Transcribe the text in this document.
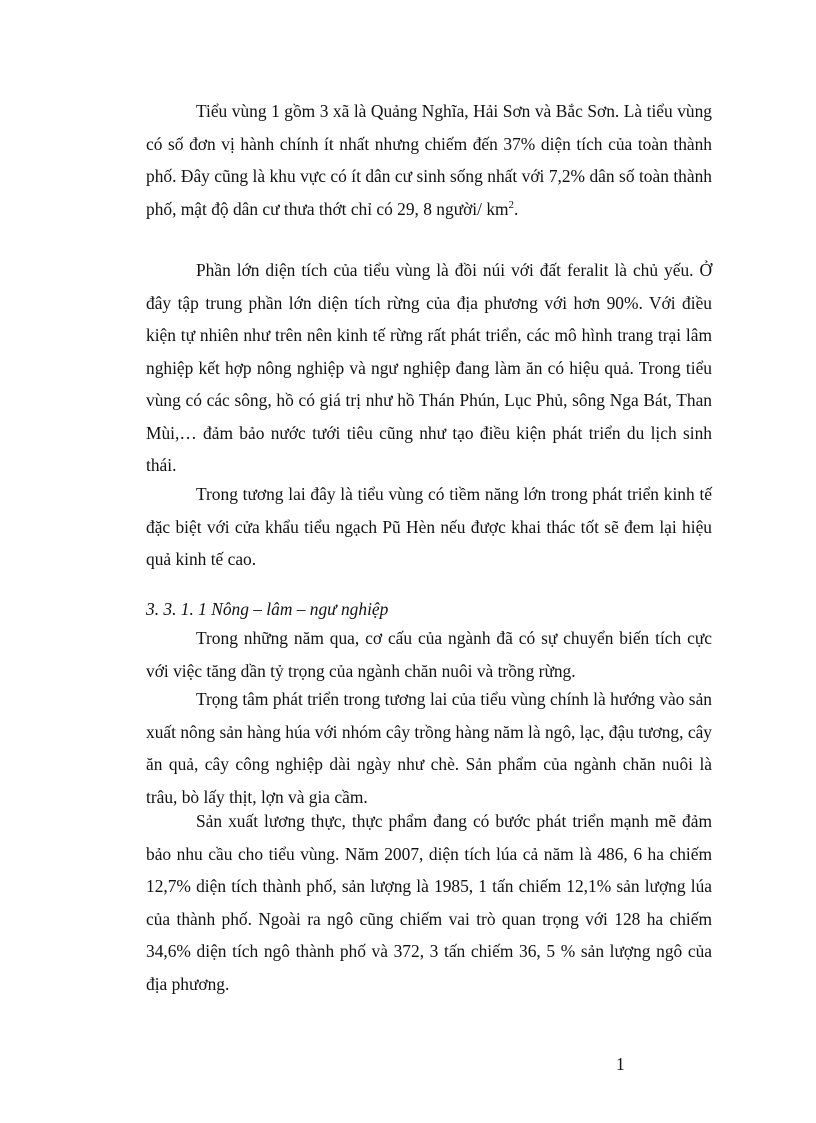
Tiểu vùng 1 gồm 3 xã là Quảng Nghĩa, Hải Sơn và Bắc Sơn. Là tiểu vùng có số đơn vị hành chính ít nhất nhưng chiếm đến 37% diện tích của toàn thành phố. Đây cũng là khu vực có ít dân cư sinh sống nhất với 7,2% dân số toàn thành phố, mật độ dân cư thưa thớt chỉ có 29, 8 người/ $km^2$.

Phần lớn diện tích của tiểu vùng là đồi núi với đất feralit là chủ yếu. Ở đây tập trung phần lớn diện tích rừng của địa phương với hơn 90%. Với điều kiện tự nhiên như trên nên kinh tế rừng rất phát triển, các mô hình trang trại lâm nghiệp kết hợp nông nghiệp và ngư nghiệp đang làm ăn có hiệu quả. Trong tiểu vùng có các sông, hồ có giá trị như hồ Thán Phún, Lục Phủ, sông Nga Bát, Than Mùi,… đảm bảo nước tưới tiêu cũng như tạo điều kiện phát triển du lịch sinh thái.

Trong tương lai đây là tiểu vùng có tiềm năng lớn trong phát triển kinh tế đặc biệt với cửa khẩu tiểu ngạch Pũ Hèn nếu được khai thác tốt sẽ đem lại hiệu quả kinh tế cao.

3. 3. 1. 1 Nông – lâm – ngư nghiệp

Trong những năm qua, cơ cấu của ngành đã có sự chuyển biến tích cực với việc tăng dần tỷ trọng của ngành chăn nuôi và trồng rừng.

Trọng tâm phát triển trong tương lai của tiểu vùng chính là hướng vào sản xuất nông sản hàng húa với nhóm cây trồng hàng năm là ngô, lạc, đậu tương, cây ăn quả, cây công nghiệp dài ngày như chè. Sản phẩm của ngành chăn nuôi là trâu, bò lấy thịt, lợn và gia cầm.

Sản xuất lương thực, thực phẩm đang có bước phát triển mạnh mẽ đảm bảo nhu cầu cho tiểu vùng. Năm 2007, diện tích lúa cả năm là 486, 6 ha chiếm 12,7% diện tích thành phố, sản lượng là 1985, 1 tấn chiếm 12,1% sản lượng lúa của thành phố. Ngoài ra ngô cũng chiếm vai trò quan trọng với 128 ha chiếm 34,6% diện tích ngô thành phố và 372, 3 tấn chiếm 36, 5 % sản lượng ngô của địa phương.

1
